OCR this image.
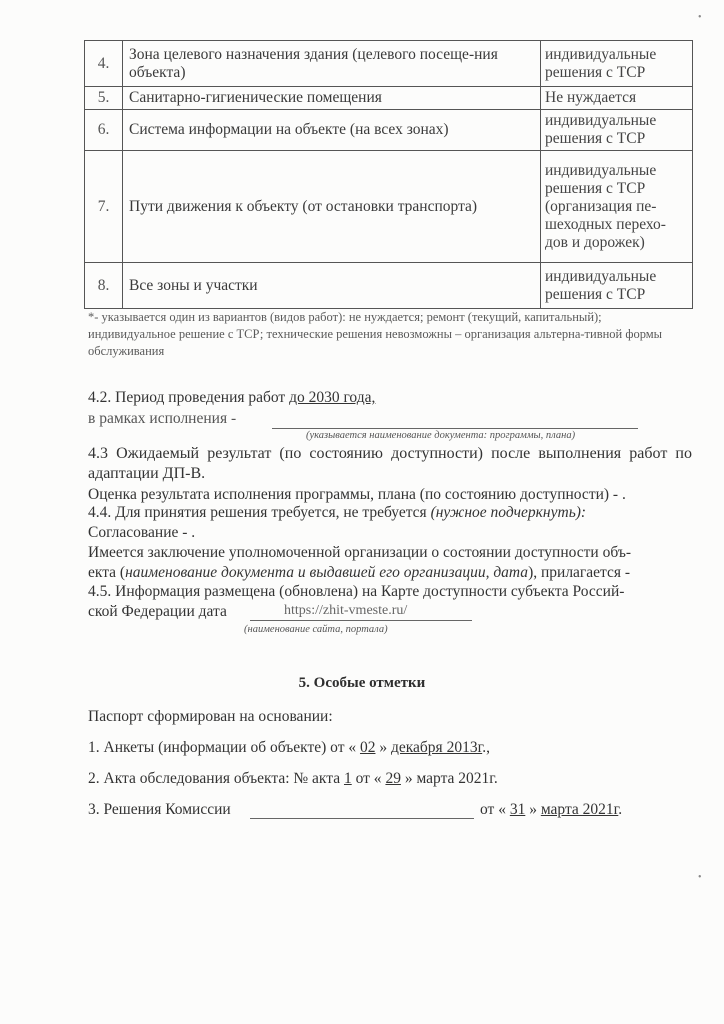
4.	Зона целевого назначения здания (целевого посеще-ния объекта)	индивидуальные решения с ТСР
5.	Санитарно-гигиенические помещения	Не нуждается
6.	Система информации на объекте (на всех зонах)	индивидуальные решения с ТСР
7.	Пути движения к объекту (от остановки транспорта)	индивидуальные решения с ТСР (организация пе-шеходных перехо-дов и дорожек)
8.	Все зоны и участки	индивидуальные решения с ТСР
*- указывается один из вариантов (видов работ): не нуждается; ремонт (текущий, капитальный); индивидуальное решение с ТСР; технические решения невозможны – организация альтерна-тивной формы обслуживания
4.2. Период проведения работ до 2030 года,
в рамках исполнения -
(указывается наименование документа: программы, плана)
4.3 Ожидаемый результат (по состоянию доступности) после выполнения работ по адаптации ДП-В.
Оценка результата исполнения программы, плана (по состоянию доступности) - .
4.4. Для принятия решения требуется, не требуется (нужное подчеркнуть):
Согласование - .
Имеется заключение уполномоченной организации о состоянии доступности объ-
екта (наименование документа и выдавшей его организации, дата), прилагается -
4.5. Информация размещена (обновлена) на Карте доступности субъекта Россий-
ской Федерации дата	https://zhit-vmeste.ru/
(наименование сайта, портала)
5. Особые отметки
Паспорт сформирован на основании:
1. Анкеты (информации об объекте) от « 02 » декабря 2013г.,
2. Акта обследования объекта: № акта 1 от « 29 » марта 2021г.
3. Решения Комиссии	от « 31 » марта 2021г.
•
•
